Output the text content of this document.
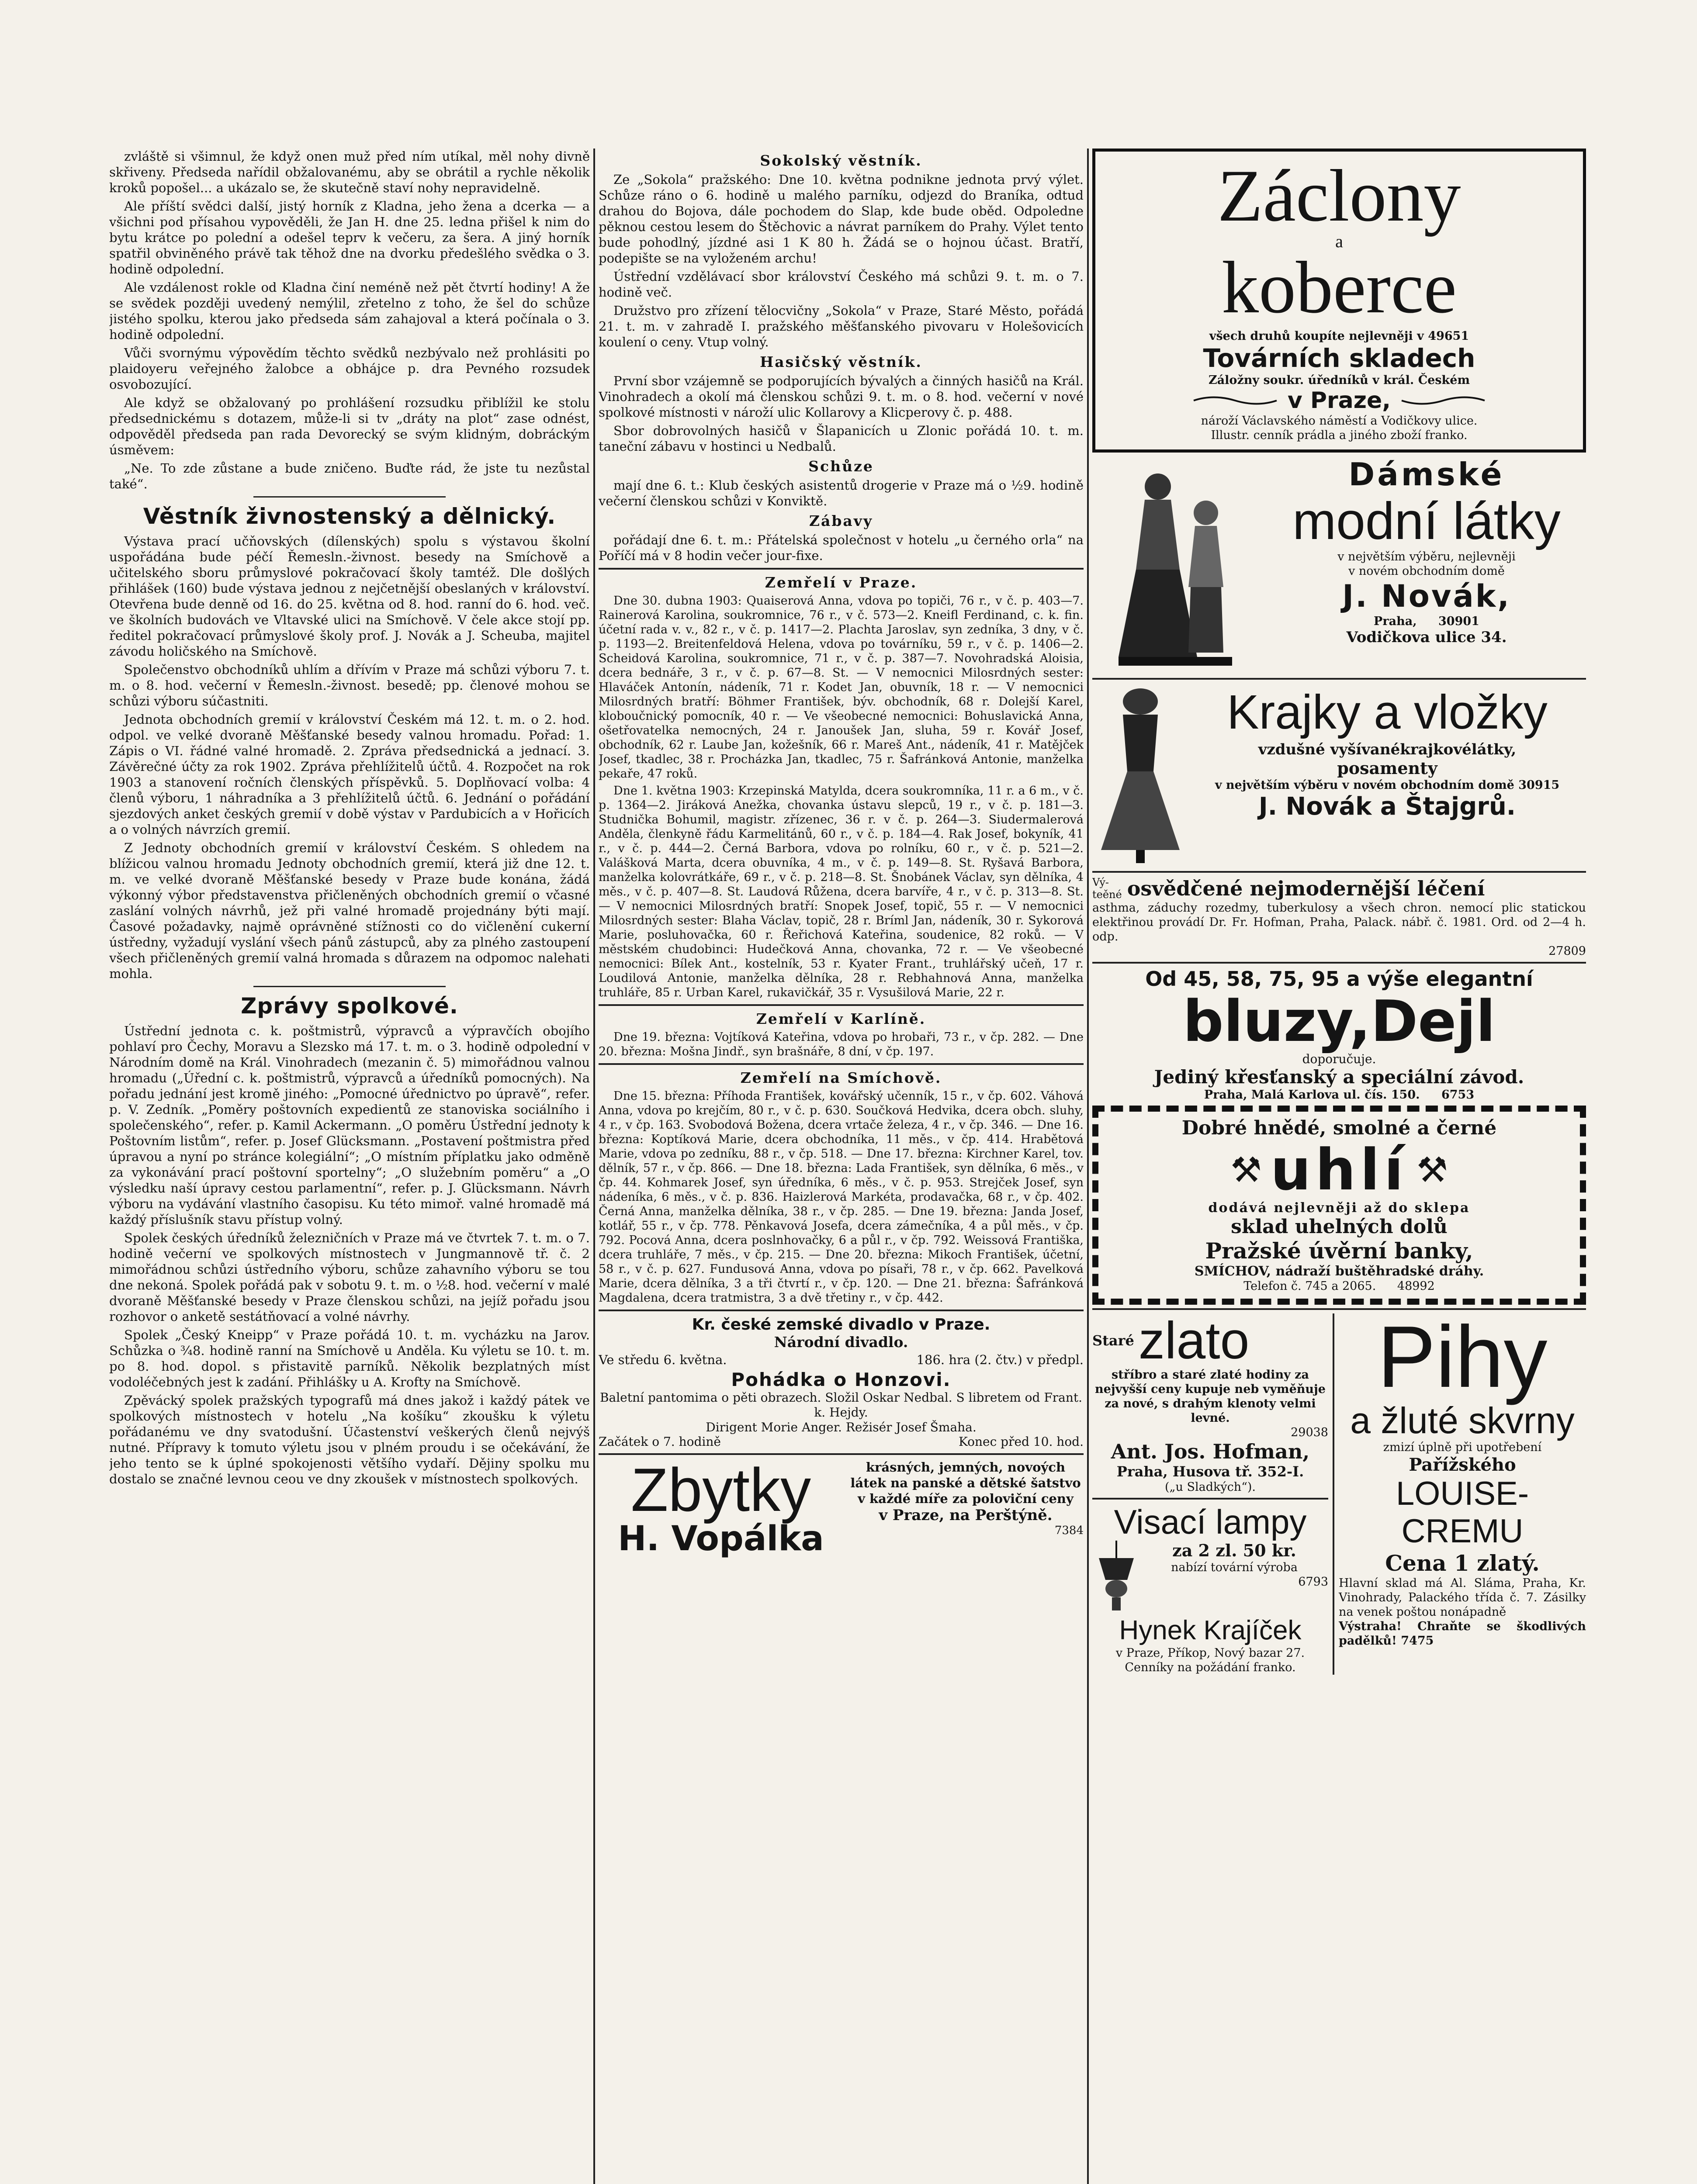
zvláště si všimnul, že když onen muž před ním utíkal, měl nohy divně skřiveny. Předseda nařídil obžalovanému, aby se obrátil a rychle několik kroků popošel... a ukázalo se, že skutečně staví nohy nepravidelně.

Ale příští svědci další, jistý horník z Kladna, jeho žena a dcerka — a všichni pod přísahou vypověděli, že Jan H. dne 25. ledna přišel k nim do bytu krátce po polední a odešel teprv k večeru, za šera. A jiný horník spatřil obviněného právě tak těhož dne na dvorku předešlého svědka o 3. hodině odpolední.

Ale vzdálenost rokle od Kladna činí neméně než pět čtvrtí hodiny! A že se svědek později uvedený nemýlil, zřetelno z toho, že šel do schůze jistého spolku, kterou jako předseda sám zahajoval a která počínala o 3. hodině odpolední.

Vůči svornýmu výpovědím těchto svědků nezbývalo než prohlásiti po plaidoyeru veřejného žalobce a obhájce p. dra Pevného rozsudek osvobozující.

Ale když se obžalovaný po prohlášení rozsudku přiblížil ke stolu předsednickému s dotazem, může-li si tv „dráty na plot“ zase odnést, odpověděl předseda pan rada Devorecký se svým klidným, dobráckým úsměvem:

„Ne. To zde zůstane a bude zničeno. Buďte rád, že jste tu nezůstal také“.

Věstník živnostenský a dělnický.

Výstava prací učňovských (dílenských) spolu s výstavou školní uspořádána bude péčí Řemesln.-živnost. besedy na Smíchově a učitelského sboru průmyslové pokračovací školy tamtéž. Dle došlých přihlášek (160) bude výstava jednou z nejčetnější obeslaných v království. Otevřena bude denně od 16. do 25. května od 8. hod. ranní do 6. hod. več. ve školních budovách ve Vltavské ulici na Smíchově. V čele akce stojí pp. ředitel pokračovací průmyslové školy prof. J. Novák a J. Scheuba, majitel závodu holičského na Smíchově.

Společenstvo obchodníků uhlím a dřívím v Praze má schůzi výboru 7. t. m. o 8. hod. večerní v Řemesln.-živnost. besedě; pp. členové mohou se schůzi výboru súčastniti.

Jednota obchodních gremií v království Českém má 12. t. m. o 2. hod. odpol. ve velké dvoraně Měšťanské besedy valnou hromadu. Pořad: 1. Zápis o VI. řádné valné hromadě. 2. Zpráva předsednická a jednací. 3. Závěrečné účty za rok 1902. Zpráva přehlížitelů účtů. 4. Rozpočet na rok 1903 a stanovení ročních členských příspěvků. 5. Doplňovací volba: 4 členů výboru, 1 náhradníka a 3 přehlížitelů účtů. 6. Jednání o pořádání sjezdových anket českých gremií v době výstav v Pardubicích a v Hořicích a o volných návrzích gremií.

Z Jednoty obchodních gremií v království Českém. S ohledem na blížicou valnou hromadu Jednoty obchodních gremií, která již dne 12. t. m. ve velké dvoraně Měšťanské besedy v Praze bude konána, žádá výkonný výbor představenstva přičleněných obchodních gremií o včasné zaslání volných návrhů, jež při valné hromadě projednány býti mají. Časové požadavky, najmě oprávněné stížnosti co do vičlenění cukerní ústředny, vyžadují vyslání všech pánů zástupců, aby za plného zastoupení všech přičleněných gremií valná hromada s důrazem na odpomoc nalehati mohla.

Zprávy spolkové.

Ústřední jednota c. k. poštmistrů, výpravců a výpravčích obojího pohlaví pro Čechy, Moravu a Slezsko má 17. t. m. o 3. hodině odpolední v Národním domě na Král. Vinohradech (mezanin č. 5) mimořádnou valnou hromadu („Úřední c. k. poštmistrů, výpravců a úředníků pomocných). Na pořadu jednání jest kromě jiného: „Pomocné úřednictvo po úpravě“, refer. p. V. Zedník. „Poměry poštovních expedientů ze stanoviska sociálního i společenského“, refer. p. Kamil Ackermann. „O poměru Ústřední jednoty k Poštovním listům“, refer. p. Josef Glücksmann. „Postavení poštmistra před úpravou a nyní po stránce kolegiální“; „O místním příplatku jako odměně za vykonávání prací poštovní sportelny“; „O služebním poměru“ a „O výsledku naší úpravy cestou parlamentní“, refer. p. J. Glücksmann. Návrh výboru na vydávání vlastního časopisu. Ku této mimoř. valné hromadě má každý příslušník stavu přístup volný.

Spolek českých úředníků železničních v Praze má ve čtvrtek 7. t. m. o 7. hodině večerní ve spolkových místnostech v Jungmannově tř. č. 2 mimořádnou schůzi ústředního výboru, schůze zahavního výboru se tou dne nekoná. Spolek pořádá pak v sobotu 9. t. m. o ½8. hod. večerní v malé dvoraně Měšťanské besedy v Praze členskou schůzi, na jejíž pořadu jsou rozhovor o anketě sestátňovací a volné návrhy.

Spolek „Český Kneipp“ v Praze pořádá 10. t. m. vycházku na Jarov. Schůzka o ¾8. hodině ranní na Smíchově u Anděla. Ku výletu se 10. t. m. po 8. hod. dopol. s přistavitě parníků. Několik bezplatných míst vodoléčebných jest k zadání. Přihlášky u A. Krofty na Smíchově.

Zpěvácký spolek pražských typografů má dnes jakož i každý pátek ve spolkových místnostech v hotelu „Na košíku“ zkoušku k výletu pořádanému ve dny svatodušní. Účastenství veškerých členů nejvýš nutné. Přípravy k tomuto výletu jsou v plném proudu i se očekávání, že jeho tento se k úplné spokojenosti většího vydaří. Dějiny spolku mu dostalo se značné levnou ceou ve dny zkoušek v místnostech spolkových.

Sokolský věstník.

Ze „Sokola“ pražského: Dne 10. května podnikne jednota prvý výlet. Schůze ráno o 6. hodině u malého parníku, odjezd do Braníka, odtud drahou do Bojova, dále pochodem do Slap, kde bude oběd. Odpoledne pěknou cestou lesem do Štěchovic a návrat parníkem do Prahy. Výlet tento bude pohodlný, jízdné asi 1 K 80 h. Žádá se o hojnou účast. Bratří, podepište se na vyloženém archu!

Ústřední vzdělávací sbor království Českého má schůzi 9. t. m. o 7. hodině več.

Družstvo pro zřízení tělocvičny „Sokola“ v Praze, Staré Město, pořádá 21. t. m. v zahradě I. pražského měšťanského pivovaru v Holešovicích koulení o ceny. Vtup volný.

Hasičský věstník.

První sbor vzájemně se podporujících bývalých a činných hasičů na Král. Vinohradech a okolí má členskou schůzi 9. t. m. o 8. hod. večerní v nové spolkové místnosti v nároží ulic Kollarovy a Klicperovy č. p. 488.

Sbor dobrovolných hasičů v Šlapanicích u Zlonic pořádá 10. t. m. taneční zábavu v hostinci u Nedbalů.

Schůze

mají dne 6. t.: Klub českých asistentů drogerie v Praze má o ½9. hodině večerní členskou schůzi v Konviktě.

Zábavy

pořádají dne 6. t. m.: Přátelská společnost v hotelu „u černého orla“ na Poříčí má v 8 hodin večer jour-fixe.

Zemřelí v Praze.

Dne 30. dubna 1903: Quaiserová Anna, vdova po topiči, 76 r., v č. p. 403—7. Rainerová Karolina, soukromnice, 76 r., v č. 573—2. Kneifl Ferdinand, c. k. fin. účetní rada v. v., 82 r., v č. p. 1417—2. Plachta Jaroslav, syn zedníka, 3 dny, v č. p. 1193—2. Breitenfeldová Helena, vdova po továrníku, 59 r., v č. p. 1406—2. Scheidová Karolina, soukromnice, 71 r., v č. p. 387—7. Novohradská Aloisia, dcera bednáře, 3 r., v č. p. 67—8. St. — V nemocnici Milosrdných sester: Hlaváček Antonín, nádeník, 71 r. Kodet Jan, obuvník, 18 r. — V nemocnici Milosrdných bratří: Böhmer František, býv. obchodník, 68 r. Dolejší Karel, kloboučnický pomocník, 40 r. — Ve všeobecné nemocnici: Bohuslavická Anna, ošetřovatelka nemocných, 24 r. Janoušek Jan, sluha, 59 r. Kovář Josef, obchodník, 62 r. Laube Jan, kožešník, 66 r. Mareš Ant., nádeník, 41 r. Matějček Josef, tkadlec, 38 r. Procházka Jan, tkadlec, 75 r. Šafránková Antonie, manželka pekaře, 47 roků.

Dne 1. května 1903: Krzepinská Matylda, dcera soukromníka, 11 r. a 6 m., v č. p. 1364—2. Jiráková Anežka, chovanka ústavu slepců, 19 r., v č. p. 181—3. Studnička Bohumil, magistr. zřízenec, 36 r. v č. p. 264—3. Siudermalerová Anděla, členkyně řádu Karmelitánů, 60 r., v č. p. 184—4. Rak Josef, bokyník, 41 r., v č. p. 444—2. Černá Barbora, vdova po rolníku, 60 r., v č. p. 521—2. Valášková Marta, dcera obuvníka, 4 m., v č. p. 149—8. St. Ryšavá Barbora, manželka kolovrátkáře, 69 r., v č. p. 218—8. St. Šnobánek Václav, syn dělníka, 4 měs., v č. p. 407—8. St. Laudová Růžena, dcera barvíře, 4 r., v č. p. 313—8. St. — V nemocnici Milosrdných bratří: Snopek Josef, topič, 55 r. — V nemocnici Milosrdných sester: Blaha Václav, topič, 28 r. Bríml Jan, nádeník, 30 r. Sykorová Marie, posluhovačka, 60 r. Řeřichová Kateřina, soudenice, 82 roků. — V městském chudobinci: Hudečková Anna, chovanka, 72 r. — Ve všeobecné nemocnici: Bílek Ant., kostelník, 53 r. Kyater Frant., truhlářský učeň, 17 r. Loudilová Antonie, manželka dělníka, 28 r. Rebhahnová Anna, manželka truhláře, 85 r. Urban Karel, rukavičkář, 35 r. Vysušilová Marie, 22 r.

Zemřelí v Karlíně.

Dne 19. března: Vojtíková Kateřina, vdova po hrobaři, 73 r., v čp. 282. — Dne 20. března: Mošna Jindř., syn brašnáře, 8 dní, v čp. 197.

Zemřelí na Smíchově.

Dne 15. března: Příhoda František, kovářský učenník, 15 r., v čp. 602. Váhová Anna, vdova po krejčím, 80 r., v č. p. 630. Součková Hedvika, dcera obch. sluhy, 4 r., v čp. 163. Svobodová Božena, dcera vrtače železa, 4 r., v čp. 346. — Dne 16. března: Koptíková Marie, dcera obchodníka, 11 měs., v čp. 414. Hrabětová Marie, vdova po zedníku, 88 r., v čp. 518. — Dne 17. března: Kirchner Karel, tov. dělník, 57 r., v čp. 866. — Dne 18. března: Lada František, syn dělníka, 6 měs., v čp. 44. Kohmarek Josef, syn úředníka, 6 měs., v č. p. 953. Strejček Josef, syn nádeníka, 6 měs., v č. p. 836. Haizlerová Markéta, prodavačka, 68 r., v čp. 402. Černá Anna, manželka dělníka, 38 r., v čp. 285. — Dne 19. března: Janda Josef, kotlář, 55 r., v čp. 778. Pěnkavová Josefa, dcera zámečníka, 4 a půl měs., v čp. 792. Pocová Anna, dcera poslnhovačky, 6 a půl r., v čp. 792. Weissová Františka, dcera truhláře, 7 měs., v čp. 215. — Dne 20. března: Mikoch František, účetní, 58 r., v č. p. 627. Fundusová Anna, vdova po písaři, 78 r., v čp. 662. Pavelková Marie, dcera dělníka, 3 a tři čtvrtí r., v čp. 120. — Dne 21. března: Šafránková Magdalena, dcera tratmistra, 3 a dvě třetiny r., v čp. 442.

Kr. české zemské divadlo v Praze.
Národní divadlo.
Ve středu 6. května.	186. hra (2. čtv.) v předpl.
Pohádka o Honzovi.
Baletní pantomima o pěti obrazech. Složil Oskar Nedbal. S libretem od Frant. k. Hejdy.
Dirigent Morie Anger. Režisér Josef Šmaha.
Začátek o 7. hodině	Konec před 10. hod.
Zbytky
H. Vopálka
krásných, jemných, novoých látek na panské a dětské šatstvo v každé míře za poloviční ceny
v Praze, na Perštýně.
7384
Záclony
a
koberce
všech druhů koupíte nejlevněji v 49651
Továrních skladech
Záložny soukr. úředníků v král. Českém
v Praze,
nároží Václavského náměstí a Vodičkovy ulice.
Illustr. cenník prádla a jiného zboží franko.
Dámské
modní látky
v největším výběru, nejlevněji
v novém obchodním domě
J. Novák,
Praha, 30901
Vodičkova ulice 34.
Krajky a vložky
vzdušné vyšívanékrajkovélátky,
posamenty
v největším výběru v novém obchodním domě 30915
J. Novák a Štajgrů.
Vý-
teěné osvědčené nejmodernější léčení
asthma, záduchy rozedmy, tuberkulosy a všech chron. nemocí plic statickou elektřinou provádí Dr. Fr. Hofman, Praha, Palack. nábř. č. 1981. Ord. od 2—4 h. odp.
27809
Od 45, 58, 75, 95 a výše elegantní
bluzy,Dejl
doporučuje.
Jediný křesťanský a speciální závod.
Praha, Malá Karlova ul. čís. 150. 6753
Dobré hnědé, smolné a černé
⚒ uhlí ⚒
dodává nejlevněji až do sklepa
sklad uhelných dolů
Pražské úvěrní banky,
SMÍCHOV, nádraží buštěhradské dráhy.
Telefon č. 745 a 2065. 48992
Staré zlato
stříbro a staré zlaté hodiny za nejvyšší ceny kupuje neb vyměňuje za nové, s drahým klenoty velmi levné.
29038
Ant. Jos. Hofman,
Praha, Husova tř. 352-I.
(„u Sladkých“).
Visací lampy
za 2 zl. 50 kr.
nabízí tovární výroba
6793
Hynek Krajíček
v Praze, Příkop, Nový bazar 27. Cenníky na požádání franko.
Pihy
a žluté skvrny
zmizí úplně při upotřebení
Pařížského
LOUISE-CREMU
Cena 1 zlatý.
Hlavní sklad má Al. Sláma, Praha, Kr. Vinohrady, Palackého třída č. 7. Zásilky na venek poštou nonápadně
Výstraha! Chraňte se škodlivých padělků! 7475
